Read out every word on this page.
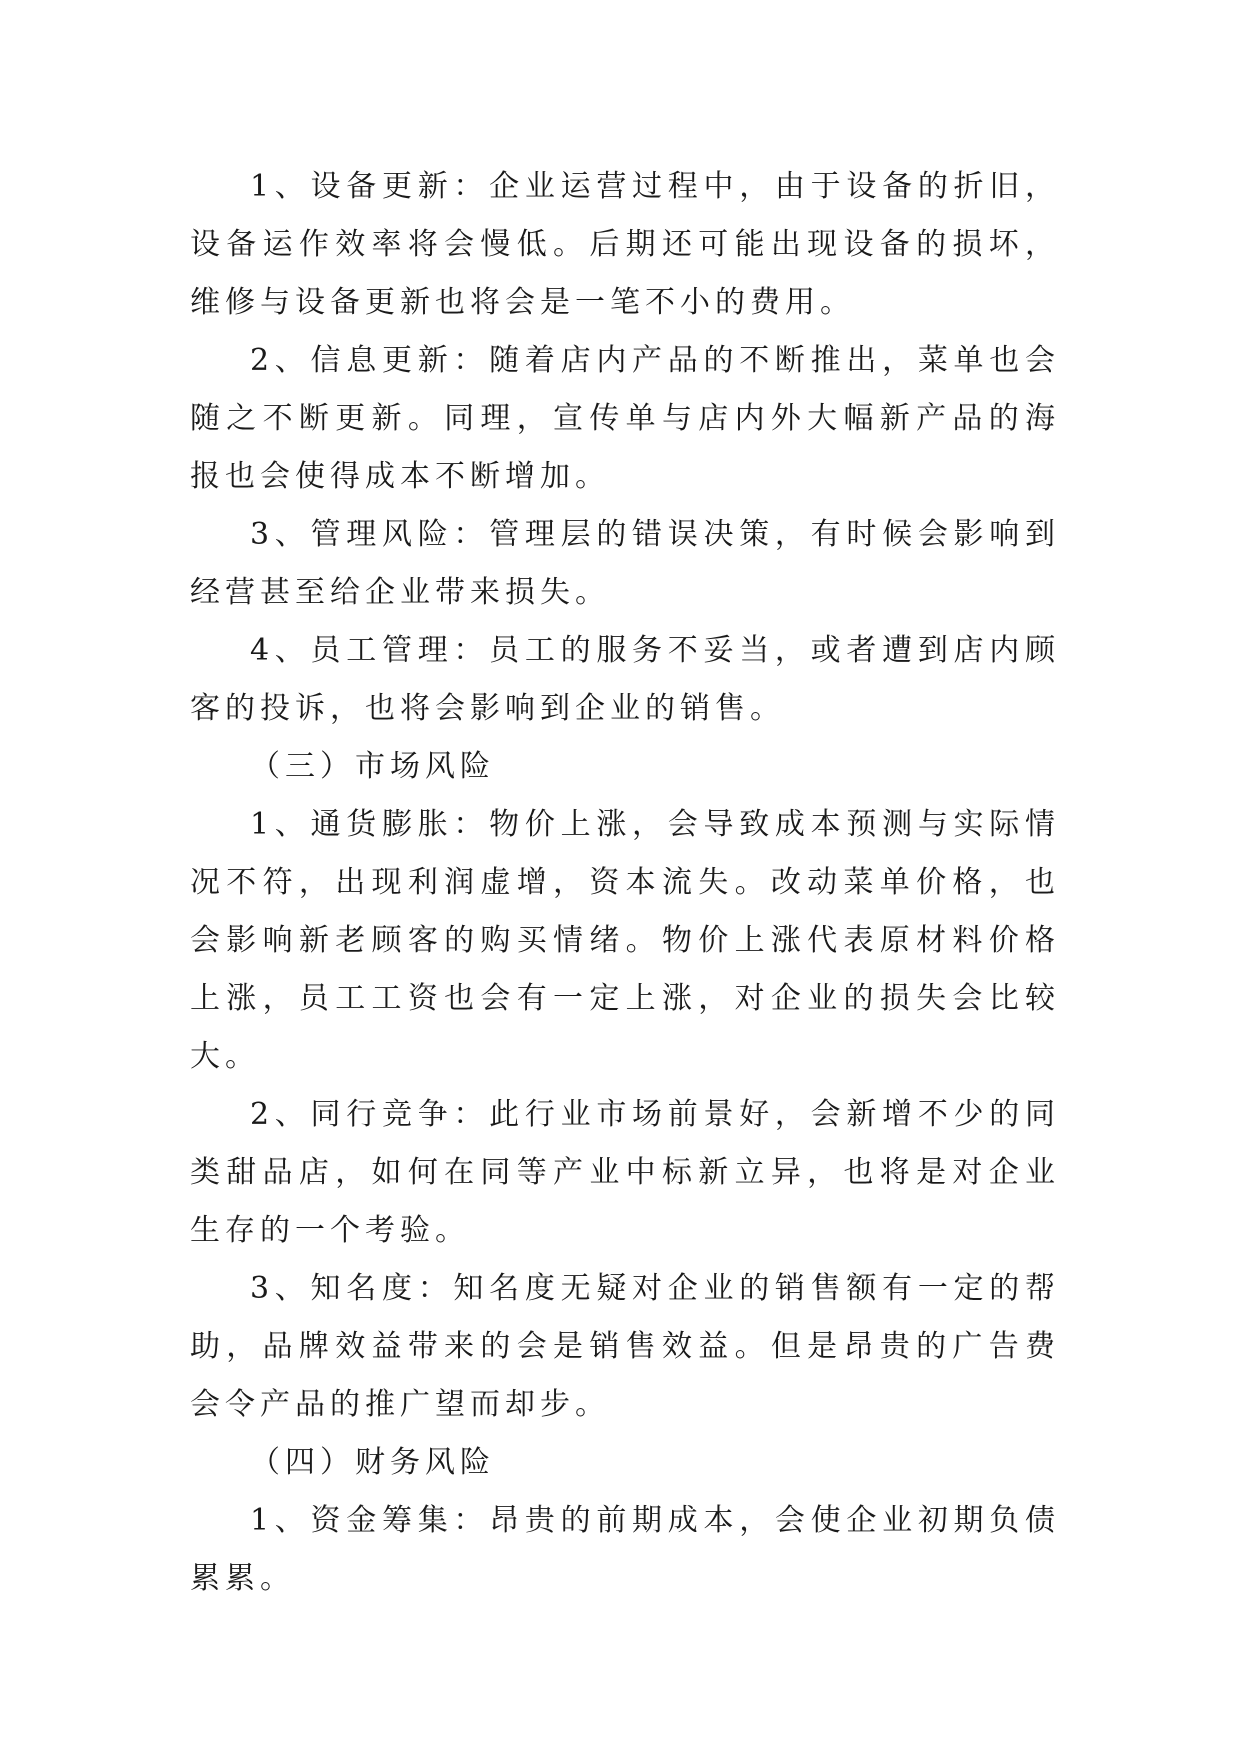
1、设备更新：企业运营过程中，由于设备的折旧，设备运作效率将会慢低。后期还可能出现设备的损坏，维修与设备更新也将会是一笔不小的费用。

2、信息更新：随着店内产品的不断推出，菜单也会随之不断更新。同理，宣传单与店内外大幅新产品的海报也会使得成本不断增加。

3、管理风险：管理层的错误决策，有时候会影响到经营甚至给企业带来损失。

4、员工管理：员工的服务不妥当，或者遭到店内顾客的投诉，也将会影响到企业的销售。

（三）市场风险

1、通货膨胀：物价上涨，会导致成本预测与实际情况不符，出现利润虚增，资本流失。改动菜单价格，也会影响新老顾客的购买情绪。物价上涨代表原材料价格上涨，员工工资也会有一定上涨，对企业的损失会比较大。

2、同行竞争：此行业市场前景好，会新增不少的同类甜品店，如何在同等产业中标新立异，也将是对企业生存的一个考验。

3、知名度：知名度无疑对企业的销售额有一定的帮助，品牌效益带来的会是销售效益。但是昂贵的广告费会令产品的推广望而却步。

（四）财务风险

1、资金筹集：昂贵的前期成本，会使企业初期负债累累。
